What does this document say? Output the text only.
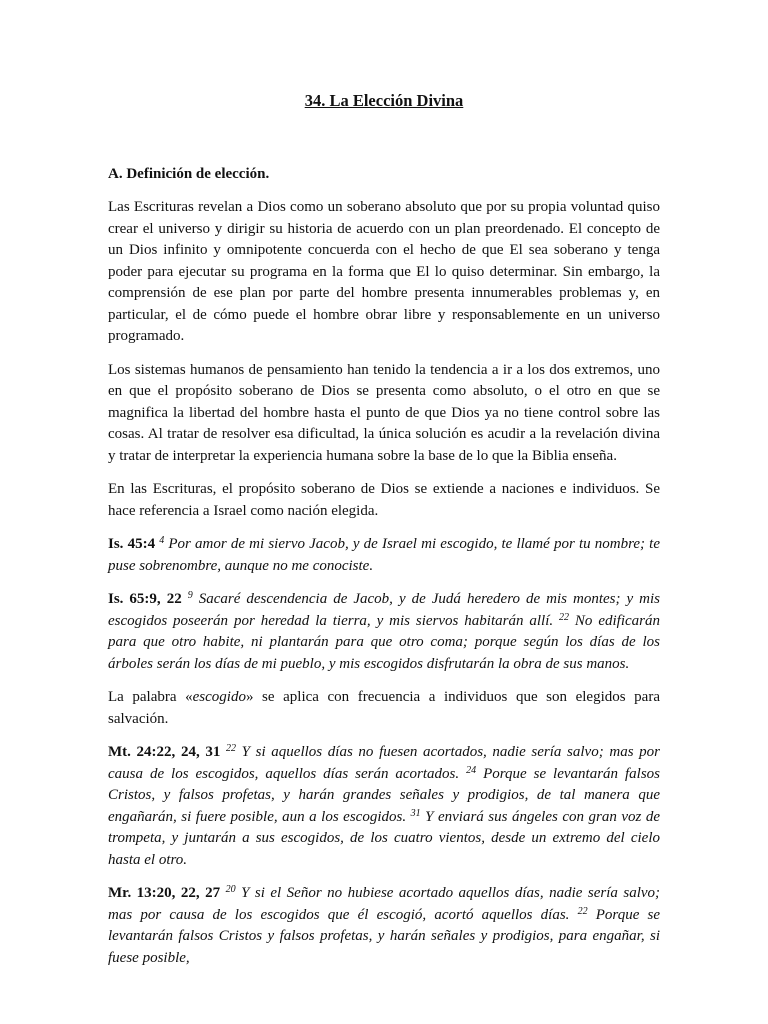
34. La Elección Divina

A. Definición de elección.

Las Escrituras revelan a Dios como un soberano absoluto que por su propia voluntad quiso crear el universo y dirigir su historia de acuerdo con un plan preordenado. El concepto de un Dios infinito y omnipotente concuerda con el hecho de que El sea soberano y tenga poder para ejecutar su programa en la forma que El lo quiso determinar. Sin embargo, la comprensión de ese plan por parte del hombre presenta innumerables problemas y, en particular, el de cómo puede el hombre obrar libre y responsablemente en un universo programado.

Los sistemas humanos de pensamiento han tenido la tendencia a ir a los dos extremos, uno en que el propósito soberano de Dios se presenta como absoluto, o el otro en que se magnifica la libertad del hombre hasta el punto de que Dios ya no tiene control sobre las cosas. Al tratar de resolver esa dificultad, la única solución es acudir a la revelación divina y tratar de interpretar la experiencia humana sobre la base de lo que la Biblia enseña.

En las Escrituras, el propósito soberano de Dios se extiende a naciones e individuos. Se hace referencia a Israel como nación elegida.

Is. 45:4 $^4$ Por amor de mi siervo Jacob, y de Israel mi escogido, te llamé por tu nombre; te puse sobrenombre, aunque no me conociste.

Is. 65:9, 22 $^9$ Sacaré descendencia de Jacob, y de Judá heredero de mis montes; y mis escogidos poseerán por heredad la tierra, y mis siervos habitarán allí. $^{22}$ No edificarán para que otro habite, ni plantarán para que otro coma; porque según los días de los árboles serán los días de mi pueblo, y mis escogidos disfrutarán la obra de sus manos.

La palabra «escogido» se aplica con frecuencia a individuos que son elegidos para salvación.

Mt. 24:22, 24, 31 $^{22}$ Y si aquellos días no fuesen acortados, nadie sería salvo; mas por causa de los escogidos, aquellos días serán acortados. $^{24}$ Porque se levantarán falsos Cristos, y falsos profetas, y harán grandes señales y prodigios, de tal manera que engañarán, si fuere posible, aun a los escogidos. $^{31}$ Y enviará sus ángeles con gran voz de trompeta, y juntarán a sus escogidos, de los cuatro vientos, desde un extremo del cielo hasta el otro.

Mr. 13:20, 22, 27 $^{20}$ Y si el Señor no hubiese acortado aquellos días, nadie sería salvo; mas por causa de los escogidos que él escogió, acortó aquellos días. $^{22}$ Porque se levantarán falsos Cristos y falsos profetas, y harán señales y prodigios, para engañar, si fuese posible,
